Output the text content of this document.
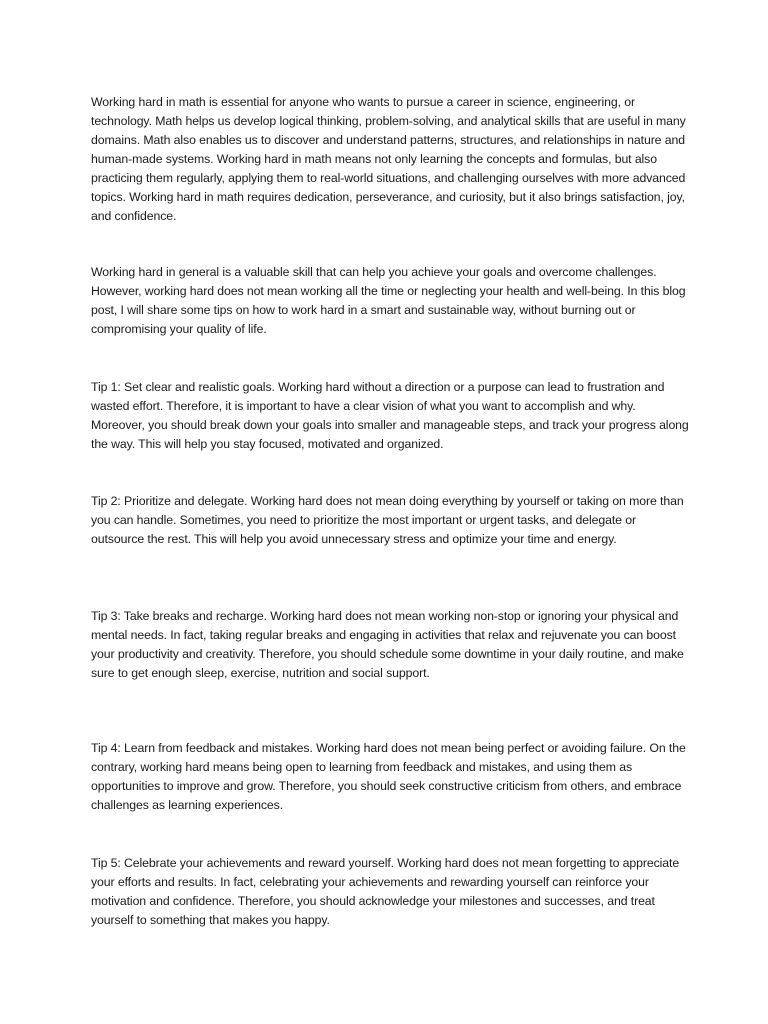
Working hard in math is essential for anyone who wants to pursue a career in science, engineering, or technology. Math helps us develop logical thinking, problem-solving, and analytical skills that are useful in many domains. Math also enables us to discover and understand patterns, structures, and relationships in nature and human-made systems. Working hard in math means not only learning the concepts and formulas, but also practicing them regularly, applying them to real-world situations, and challenging ourselves with more advanced topics. Working hard in math requires dedication, perseverance, and curiosity, but it also brings satisfaction, joy, and confidence.

Working hard in general is a valuable skill that can help you achieve your goals and overcome challenges. However, working hard does not mean working all the time or neglecting your health and well-being. In this blog post, I will share some tips on how to work hard in a smart and sustainable way, without burning out or compromising your quality of life.

Tip 1: Set clear and realistic goals. Working hard without a direction or a purpose can lead to frustration and wasted effort. Therefore, it is important to have a clear vision of what you want to accomplish and why. Moreover, you should break down your goals into smaller and manageable steps, and track your progress along the way. This will help you stay focused, motivated and organized.

Tip 2: Prioritize and delegate. Working hard does not mean doing everything by yourself or taking on more than you can handle. Sometimes, you need to prioritize the most important or urgent tasks, and delegate or outsource the rest. This will help you avoid unnecessary stress and optimize your time and energy.

Tip 3: Take breaks and recharge. Working hard does not mean working non-stop or ignoring your physical and mental needs. In fact, taking regular breaks and engaging in activities that relax and rejuvenate you can boost your productivity and creativity. Therefore, you should schedule some downtime in your daily routine, and make sure to get enough sleep, exercise, nutrition and social support.

Tip 4: Learn from feedback and mistakes. Working hard does not mean being perfect or avoiding failure. On the contrary, working hard means being open to learning from feedback and mistakes, and using them as opportunities to improve and grow. Therefore, you should seek constructive criticism from others, and embrace challenges as learning experiences.

Tip 5: Celebrate your achievements and reward yourself. Working hard does not mean forgetting to appreciate your efforts and results. In fact, celebrating your achievements and rewarding yourself can reinforce your motivation and confidence. Therefore, you should acknowledge your milestones and successes, and treat yourself to something that makes you happy.
